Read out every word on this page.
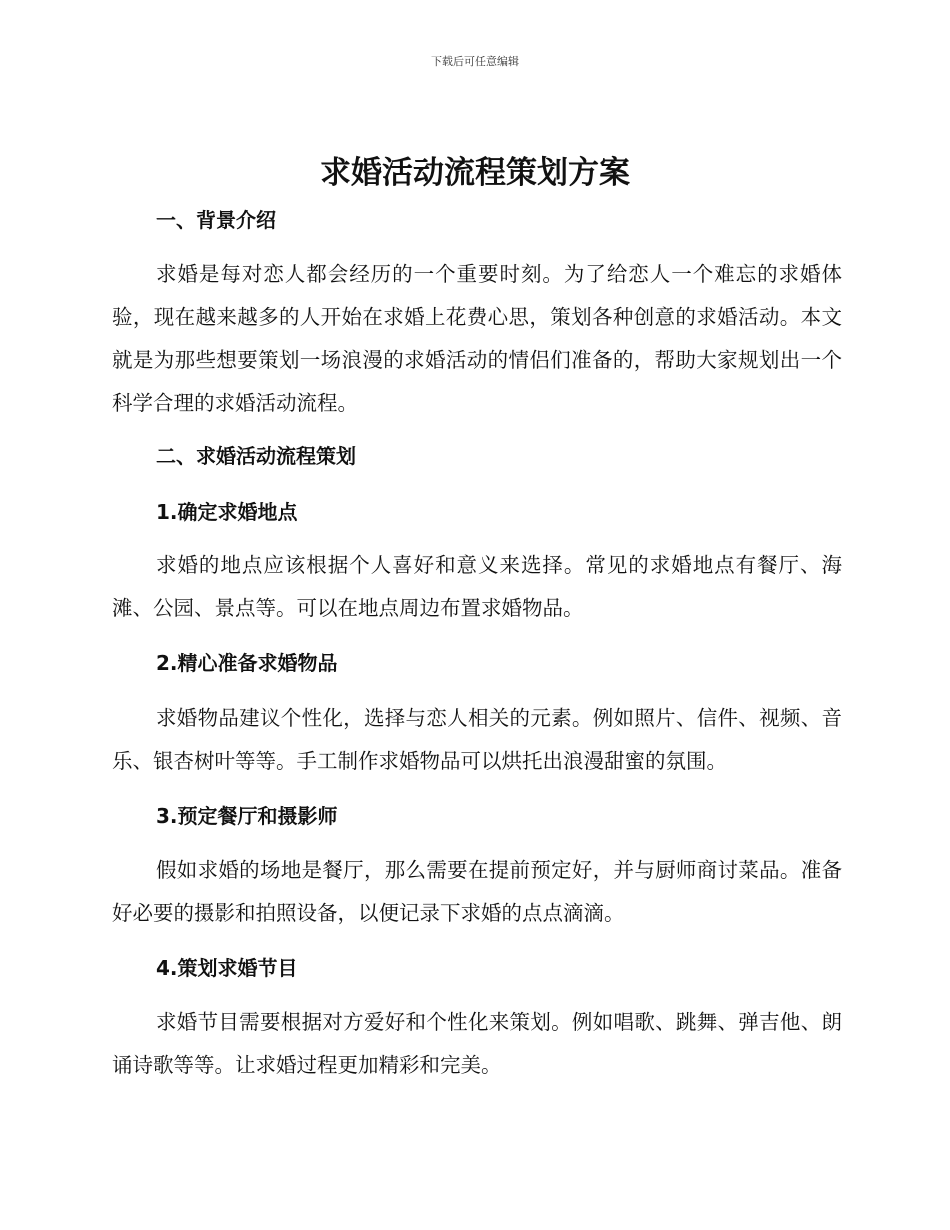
下载后可任意编辑
求婚活动流程策划方案
一、背景介绍

求婚是每对恋人都会经历的一个重要时刻。为了给恋人一个难忘的求婚体验，现在越来越多的人开始在求婚上花费心思，策划各种创意的求婚活动。本文就是为那些想要策划一场浪漫的求婚活动的情侣们准备的，帮助大家规划出一个科学合理的求婚活动流程。

二、求婚活动流程策划
1.确定求婚地点

求婚的地点应该根据个人喜好和意义来选择。常见的求婚地点有餐厅、海滩、公园、景点等。可以在地点周边布置求婚物品。

2.精心准备求婚物品

求婚物品建议个性化，选择与恋人相关的元素。例如照片、信件、视频、音乐、银杏树叶等等。手工制作求婚物品可以烘托出浪漫甜蜜的氛围。

3.预定餐厅和摄影师

假如求婚的场地是餐厅，那么需要在提前预定好，并与厨师商讨菜品。准备好必要的摄影和拍照设备，以便记录下求婚的点点滴滴。

4.策划求婚节目

求婚节目需要根据对方爱好和个性化来策划。例如唱歌、跳舞、弹吉他、朗诵诗歌等等。让求婚过程更加精彩和完美。
